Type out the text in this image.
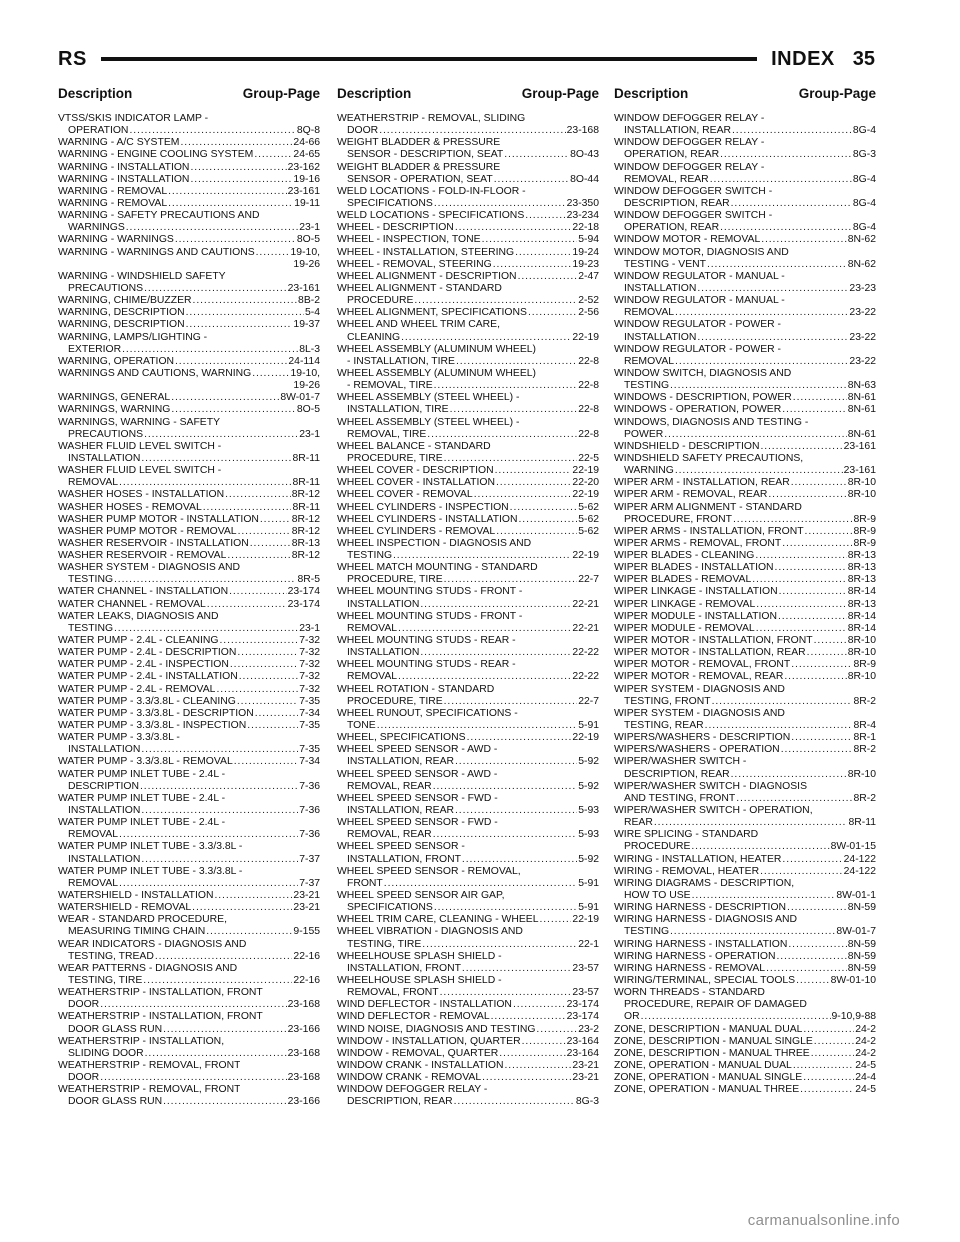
RS	INDEX 35
Description	Group-Page Description	Group-Page Description	Group-Page
VTSS/SKIS INDICATOR LAMP -
OPERATION . . .	8Q-8
WARNING - A/C SYSTEM . . .	24-66
WARNING - ENGINE COOLING SYSTEM . . .	24-65
WARNING - INSTALLATION . . .	23-162
WARNING - INSTALLATION . . .	19-16
WARNING - REMOVAL . . .	23-161
WARNING - REMOVAL . . .	19-11
WARNING - SAFETY PRECAUTIONS AND
WARNINGS . . .	23-1
WARNING - WARNINGS . . .	8O-5
WARNING - WARNINGS AND CAUTIONS . . .	19-10,
19-26
WARNING - WINDSHIELD SAFETY
PRECAUTIONS . . .	23-161
WARNING, CHIME/BUZZER . . .	8B-2
WARNING, DESCRIPTION . . .	5-4
WARNING, DESCRIPTION . . .	19-37
WARNING, LAMPS/LIGHTING -
EXTERIOR . . .	8L-3
WARNING, OPERATION . . .	24-114
WARNINGS AND CAUTIONS, WARNING . . .	19-10,
19-26
WARNINGS, GENERAL . . .	8W-01-7
WARNINGS, WARNING . . .	8O-5
WARNINGS, WARNING - SAFETY
PRECAUTIONS . . .	23-1
WASHER FLUID LEVEL SWITCH -
INSTALLATION . . .	8R-11
WASHER FLUID LEVEL SWITCH -
REMOVAL . . .	8R-11
WASHER HOSES - INSTALLATION . . .	8R-12
WASHER HOSES - REMOVAL . . .	8R-11
WASHER PUMP MOTOR - INSTALLATION . . .	8R-12
WASHER PUMP MOTOR - REMOVAL . . .	8R-12
WASHER RESERVOIR - INSTALLATION . . .	8R-13
WASHER RESERVOIR - REMOVAL . . .	8R-12
WASHER SYSTEM - DIAGNOSIS AND
TESTING . . .	8R-5
WATER CHANNEL - INSTALLATION . . .	23-174
WATER CHANNEL - REMOVAL . . .	23-174
WATER LEAKS, DIAGNOSIS AND
TESTING . . .	23-1
WATER PUMP - 2.4L - CLEANING . . .	7-32
WATER PUMP - 2.4L - DESCRIPTION . . .	7-32
WATER PUMP - 2.4L - INSPECTION . . .	7-32
WATER PUMP - 2.4L - INSTALLATION . . .	7-32
WATER PUMP - 2.4L - REMOVAL . . .	7-32
WATER PUMP - 3.3/3.8L - CLEANING . . .	7-35
WATER PUMP - 3.3/3.8L - DESCRIPTION . . .	7-34
WATER PUMP - 3.3/3.8L - INSPECTION . . .	7-35
WATER PUMP - 3.3/3.8L -
INSTALLATION . . .	7-35
WATER PUMP - 3.3/3.8L - REMOVAL . . .	7-34
WATER PUMP INLET TUBE - 2.4L -
DESCRIPTION . . .	7-36
WATER PUMP INLET TUBE - 2.4L -
INSTALLATION . . .	7-36
WATER PUMP INLET TUBE - 2.4L -
REMOVAL . . .	7-36
WATER PUMP INLET TUBE - 3.3/3.8L -
INSTALLATION . . .	7-37
WATER PUMP INLET TUBE - 3.3/3.8L -
REMOVAL . . .	7-37
WATERSHIELD - INSTALLATION . . .	23-21
WATERSHIELD - REMOVAL . . .	23-21
WEAR - STANDARD PROCEDURE,
MEASURING TIMING CHAIN . . .	9-155
WEAR INDICATORS - DIAGNOSIS AND
TESTING, TREAD . . .	22-16
WEAR PATTERNS - DIAGNOSIS AND
TESTING, TIRE . . .	22-16
WEATHERSTRIP - INSTALLATION, FRONT
DOOR . . .	23-168
WEATHERSTRIP - INSTALLATION, FRONT
DOOR GLASS RUN . . .	23-166
WEATHERSTRIP - INSTALLATION,
SLIDING DOOR . . .	23-168
WEATHERSTRIP - REMOVAL, FRONT
DOOR . . .	23-168
WEATHERSTRIP - REMOVAL, FRONT
DOOR GLASS RUN . . .	23-166
WEATHERSTRIP - REMOVAL, SLIDING
DOOR . . .	23-168
WEIGHT BLADDER & PRESSURE
SENSOR - DESCRIPTION, SEAT . . .	8O-43
WEIGHT BLADDER & PRESSURE
SENSOR - OPERATION, SEAT . . .	8O-44
WELD LOCATIONS - FOLD-IN-FLOOR -
SPECIFICATIONS . . .	23-350
WELD LOCATIONS - SPECIFICATIONS . . .	23-234
WHEEL - DESCRIPTION . . .	22-18
WHEEL - INSPECTION, TONE . . .	5-94
WHEEL - INSTALLATION, STEERING . . .	19-24
WHEEL - REMOVAL, STEERING . . .	19-23
WHEEL ALIGNMENT - DESCRIPTION . . .	2-47
WHEEL ALIGNMENT - STANDARD
PROCEDURE . . .	2-52
WHEEL ALIGNMENT, SPECIFICATIONS . . .	2-56
WHEEL AND WHEEL TRIM CARE,
CLEANING . . .	22-19
WHEEL ASSEMBLY (ALUMINUM WHEEL)
- INSTALLATION, TIRE . . .	22-8
WHEEL ASSEMBLY (ALUMINUM WHEEL)
- REMOVAL, TIRE . . .	22-8
WHEEL ASSEMBLY (STEEL WHEEL) -
INSTALLATION, TIRE . . .	22-8
WHEEL ASSEMBLY (STEEL WHEEL) -
REMOVAL, TIRE . . .	22-8
WHEEL BALANCE - STANDARD
PROCEDURE, TIRE . . .	22-5
WHEEL COVER - DESCRIPTION . . .	22-19
WHEEL COVER - INSTALLATION . . .	22-20
WHEEL COVER - REMOVAL . . .	22-19
WHEEL CYLINDERS - INSPECTION . . .	5-62
WHEEL CYLINDERS - INSTALLATION . . .	5-62
WHEEL CYLINDERS - REMOVAL . . .	5-62
WHEEL INSPECTION - DIAGNOSIS AND
TESTING . . .	22-19
WHEEL MATCH MOUNTING - STANDARD
PROCEDURE, TIRE . . .	22-7
WHEEL MOUNTING STUDS - FRONT -
INSTALLATION . . .	22-21
WHEEL MOUNTING STUDS - FRONT -
REMOVAL . . .	22-21
WHEEL MOUNTING STUDS - REAR -
INSTALLATION . . .	22-22
WHEEL MOUNTING STUDS - REAR -
REMOVAL . . .	22-22
WHEEL ROTATION - STANDARD
PROCEDURE, TIRE . . .	22-7
WHEEL RUNOUT, SPECIFICATIONS -
TONE . . .	5-91
WHEEL, SPECIFICATIONS . . .	22-19
WHEEL SPEED SENSOR - AWD -
INSTALLATION, REAR . . .	5-92
WHEEL SPEED SENSOR - AWD -
REMOVAL, REAR . . .	5-92
WHEEL SPEED SENSOR - FWD -
INSTALLATION, REAR . . .	5-93
WHEEL SPEED SENSOR - FWD -
REMOVAL, REAR . . .	5-93
WHEEL SPEED SENSOR -
INSTALLATION, FRONT . . .	5-92
WHEEL SPEED SENSOR - REMOVAL,
FRONT . . .	5-91
WHEEL SPEED SENSOR AIR GAP,
SPECIFICATIONS . . .	5-91
WHEEL TRIM CARE, CLEANING - WHEEL . . .	22-19
WHEEL VIBRATION - DIAGNOSIS AND
TESTING, TIRE . . .	22-1
WHEELHOUSE SPLASH SHIELD -
INSTALLATION, FRONT . . .	23-57
WHEELHOUSE SPLASH SHIELD -
REMOVAL, FRONT . . .	23-57
WIND DEFLECTOR - INSTALLATION . . .	23-174
WIND DEFLECTOR - REMOVAL . . .	23-174
WIND NOISE, DIAGNOSIS AND TESTING . . .	23-2
WINDOW - INSTALLATION, QUARTER . . .	23-164
WINDOW - REMOVAL, QUARTER . . .	23-164
WINDOW CRANK - INSTALLATION . . .	23-21
WINDOW CRANK - REMOVAL . . .	23-21
WINDOW DEFOGGER RELAY -
DESCRIPTION, REAR . . .	8G-3
WINDOW DEFOGGER RELAY -
INSTALLATION, REAR . . .	8G-4
WINDOW DEFOGGER RELAY -
OPERATION, REAR . . .	8G-3
WINDOW DEFOGGER RELAY -
REMOVAL, REAR . . .	8G-4
WINDOW DEFOGGER SWITCH -
DESCRIPTION, REAR . . .	8G-4
WINDOW DEFOGGER SWITCH -
OPERATION, REAR . . .	8G-4
WINDOW MOTOR - REMOVAL . . .	8N-62
WINDOW MOTOR, DIAGNOSIS AND
TESTING - VENT . . .	8N-62
WINDOW REGULATOR - MANUAL -
INSTALLATION . . .	23-23
WINDOW REGULATOR - MANUAL -
REMOVAL . . .	23-22
WINDOW REGULATOR - POWER -
INSTALLATION . . .	23-22
WINDOW REGULATOR - POWER -
REMOVAL . . .	23-22
WINDOW SWITCH, DIAGNOSIS AND
TESTING . . .	8N-63
WINDOWS - DESCRIPTION, POWER . . .	8N-61
WINDOWS - OPERATION, POWER . . .	8N-61
WINDOWS, DIAGNOSIS AND TESTING -
POWER . . .	8N-61
WINDSHIELD - DESCRIPTION . . .	23-161
WINDSHIELD SAFETY PRECAUTIONS,
WARNING . . .	23-161
WIPER ARM - INSTALLATION, REAR . . .	8R-10
WIPER ARM - REMOVAL, REAR . . .	8R-10
WIPER ARM ALIGNMENT - STANDARD
PROCEDURE, FRONT . . .	8R-9
WIPER ARMS - INSTALLATION, FRONT . . .	8R-9
WIPER ARMS - REMOVAL, FRONT . . .	8R-9
WIPER BLADES - CLEANING . . .	8R-13
WIPER BLADES - INSTALLATION . . .	8R-13
WIPER BLADES - REMOVAL . . .	8R-13
WIPER LINKAGE - INSTALLATION . . .	8R-14
WIPER LINKAGE - REMOVAL . . .	8R-13
WIPER MODULE - INSTALLATION . . .	8R-14
WIPER MODULE - REMOVAL . . .	8R-14
WIPER MOTOR - INSTALLATION, FRONT . . .	8R-10
WIPER MOTOR - INSTALLATION, REAR . . .	8R-10
WIPER MOTOR - REMOVAL, FRONT . . .	8R-9
WIPER MOTOR - REMOVAL, REAR . . .	8R-10
WIPER SYSTEM - DIAGNOSIS AND
TESTING, FRONT . . .	8R-2
WIPER SYSTEM - DIAGNOSIS AND
TESTING, REAR . . .	8R-4
WIPERS/WASHERS - DESCRIPTION . . .	8R-1
WIPERS/WASHERS - OPERATION . . .	8R-2
WIPER/WASHER SWITCH -
DESCRIPTION, REAR . . .	8R-10
WIPER/WASHER SWITCH - DIAGNOSIS
AND TESTING, FRONT . . .	8R-2
WIPER/WASHER SWITCH - OPERATION,
REAR . . .	8R-11
WIRE SPLICING - STANDARD
PROCEDURE . . .	8W-01-15
WIRING - INSTALLATION, HEATER . . .	24-122
WIRING - REMOVAL, HEATER . . .	24-122
WIRING DIAGRAMS - DESCRIPTION,
HOW TO USE . . .	8W-01-1
WIRING HARNESS - DESCRIPTION . . .	8N-59
WIRING HARNESS - DIAGNOSIS AND
TESTING . . .	8W-01-7
WIRING HARNESS - INSTALLATION . . .	8N-59
WIRING HARNESS - OPERATION . . .	8N-59
WIRING HARNESS - REMOVAL . . .	8N-59
WIRING/TERMINAL, SPECIAL TOOLS . . .	8W-01-10
WORN THREADS - STANDARD
PROCEDURE, REPAIR OF DAMAGED
OR . . .	9-10,9-88
ZONE, DESCRIPTION - MANUAL DUAL . . .	24-2
ZONE, DESCRIPTION - MANUAL SINGLE . . .	24-2
ZONE, DESCRIPTION - MANUAL THREE . . .	24-2
ZONE, OPERATION - MANUAL DUAL . . .	24-5
ZONE, OPERATION - MANUAL SINGLE . . .	24-4
ZONE, OPERATION - MANUAL THREE . . .	24-5
carmanualsonline.info
